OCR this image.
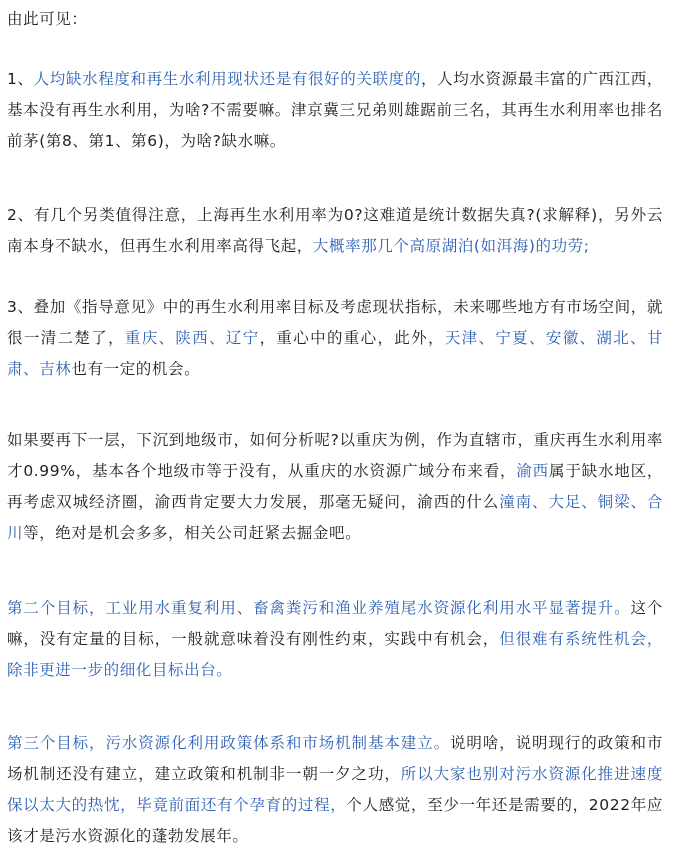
由此可见：

1、人均缺水程度和再生水利用现状还是有很好的关联度的，人均水资源最丰富的广西江西，基本没有再生水利用，为啥?不需要嘛。津京冀三兄弟则雄踞前三名，其再生水利用率也排名前茅(第8、第1、第6)，为啥?缺水嘛。

2、有几个另类值得注意，上海再生水利用率为0?这难道是统计数据失真?(求解释)，另外云南本身不缺水，但再生水利用率高得飞起，大概率那几个高原湖泊(如洱海)的功劳;

3、叠加《指导意见》中的再生水利用率目标及考虑现状指标，未来哪些地方有市场空间，就很一清二楚了，重庆、陕西、辽宁，重心中的重心，此外，天津、宁夏、安徽、湖北、甘肃、吉林也有一定的机会。

如果要再下一层，下沉到地级市，如何分析呢?以重庆为例，作为直辖市，重庆再生水利用率才0.99%，基本各个地级市等于没有，从重庆的水资源广域分布来看，渝西属于缺水地区，再考虑双城经济圈，渝西肯定要大力发展，那毫无疑问，渝西的什么潼南、大足、铜梁、合川等，绝对是机会多多，相关公司赶紧去掘金吧。

第二个目标，工业用水重复利用、畜禽粪污和渔业养殖尾水资源化利用水平显著提升。这个嘛，没有定量的目标，一般就意味着没有刚性约束，实践中有机会，但很难有系统性机会，除非更进一步的细化目标出台。

第三个目标，污水资源化利用政策体系和市场机制基本建立。说明啥，说明现行的政策和市场机制还没有建立，建立政策和机制非一朝一夕之功，所以大家也别对污水资源化推进速度保以太大的热忱，毕竟前面还有个孕育的过程，个人感觉，至少一年还是需要的，2022年应该才是污水资源化的蓬勃发展年。
